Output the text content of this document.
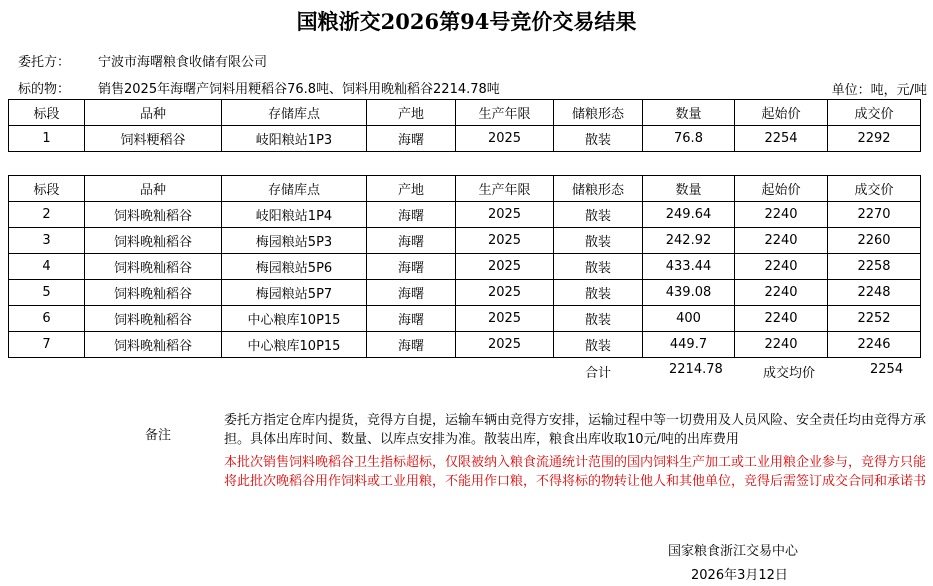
国粮浙交2026第94号竞价交易结果
委托方： 宁波市海曙粮食收储有限公司
标的物： 销售2025年海曙产饲料用粳稻谷76.8吨、饲料用晚籼稻谷2214.78吨	单位：吨，元/吨
标段	品种	存储库点	产地	生产年限	储粮形态	数量	起始价	成交价
1	饲料粳稻谷	岐阳粮站1P3	海曙	2025	散装	76.8	2254	2292
标段	品种	存储库点	产地	生产年限	储粮形态	数量	起始价	成交价
2	饲料晚籼稻谷	岐阳粮站1P4	海曙	2025	散装	249.64	2240	2270
3	饲料晚籼稻谷	梅园粮站5P3	海曙	2025	散装	242.92	2240	2260
4	饲料晚籼稻谷	梅园粮站5P6	海曙	2025	散装	433.44	2240	2258
5	饲料晚籼稻谷	梅园粮站5P7	海曙	2025	散装	439.08	2240	2248
6	饲料晚籼稻谷	中心粮库10P15	海曙	2025	散装	400	2240	2252
7	饲料晚籼稻谷	中心粮库10P15	海曙	2025	散装	449.7	2240	2246
合计	2214.78	成交均价	2254
备注
委托方指定仓库内提货，竞得方自提，运输车辆由竞得方安排，运输过程中等一切费用及人员风险、安全责任均由竞得方承担。具体出库时间、数量、以库点安排为准。散装出库，粮食出库收取10元/吨的出库费用
本批次销售饲料晚稻谷卫生指标超标，仅限被纳入粮食流通统计范围的国内饲料生产加工或工业用粮企业参与，竞得方只能将此批次晚稻谷用作饲料或工业用粮，不能用作口粮，不得将标的物转让他人和其他单位，竞得后需签订成交合同和承诺书
国家粮食浙江交易中心
2026年3月12日
